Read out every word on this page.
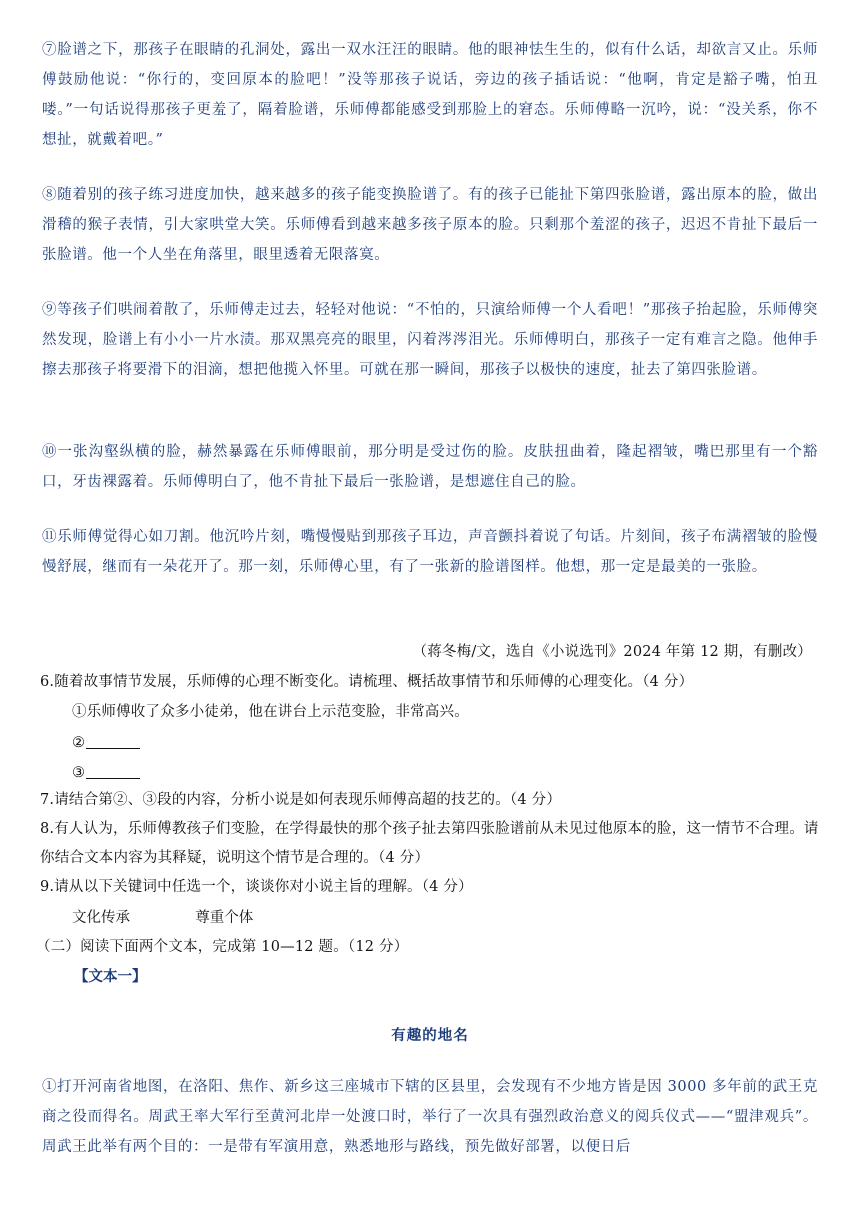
⑦脸谱之下，那孩子在眼睛的孔洞处，露出一双水汪汪的眼睛。他的眼神怯生生的，似有什么话，却欲言又止。乐师傅鼓励他说：“你行的，变回原本的脸吧！”没等那孩子说话，旁边的孩子插话说：“他啊，肯定是豁子嘴，怕丑喽。”一句话说得那孩子更羞了，隔着脸谱，乐师傅都能感受到那脸上的窘态。乐师傅略一沉吟，说：“没关系，你不想扯，就戴着吧。”

⑧随着别的孩子练习进度加快，越来越多的孩子能变换脸谱了。有的孩子已能扯下第四张脸谱，露出原本的脸，做出滑稽的猴子表情，引大家哄堂大笑。乐师傅看到越来越多孩子原本的脸。只剩那个羞涩的孩子，迟迟不肯扯下最后一张脸谱。他一个人坐在角落里，眼里透着无限落寞。

⑨等孩子们哄闹着散了，乐师傅走过去，轻轻对他说：“不怕的，只演给师傅一个人看吧！”那孩子抬起脸，乐师傅突然发现，脸谱上有小小一片水渍。那双黑亮亮的眼里，闪着涔涔泪光。乐师傅明白，那孩子一定有难言之隐。他伸手擦去那孩子将要滑下的泪滴，想把他揽入怀里。可就在那一瞬间，那孩子以极快的速度，扯去了第四张脸谱。

⑩一张沟壑纵横的脸，赫然暴露在乐师傅眼前，那分明是受过伤的脸。皮肤扭曲着，隆起褶皱，嘴巴那里有一个豁口，牙齿裸露着。乐师傅明白了，他不肯扯下最后一张脸谱，是想遮住自己的脸。

⑪乐师傅觉得心如刀割。他沉吟片刻，嘴慢慢贴到那孩子耳边，声音颤抖着说了句话。片刻间，孩子布满褶皱的脸慢慢舒展，继而有一朵花开了。那一刻，乐师傅心里，有了一张新的脸谱图样。他想，那一定是最美的一张脸。

（蒋冬梅/文，选自《小说选刊》2024 年第 12 期，有删改）

6.随着故事情节发展，乐师傅的心理不断变化。请梳理、概括故事情节和乐师傅的心理变化。（4 分）

①乐师傅收了众多小徒弟，他在讲台上示范变脸，非常高兴。

②
③

7.请结合第②、③段的内容，分析小说是如何表现乐师傅高超的技艺的。（4 分）

8.有人认为，乐师傅教孩子们变脸，在学得最快的那个孩子扯去第四张脸谱前从未见过他原本的脸，这一情节不合理。请你结合文本内容为其释疑，说明这个情节是合理的。（4 分）

9.请从以下关键词中任选一个，谈谈你对小说主旨的理解。（4 分）

文化传承	尊重个体

（二）阅读下面两个文本，完成第 10—12 题。（12 分）

【文本一】
有趣的地名

①打开河南省地图，在洛阳、焦作、新乡这三座城市下辖的区县里，会发现有不少地方皆是因 3000 多年前的武王克商之役而得名。周武王率大军行至黄河北岸一处渡口时，举行了一次具有强烈政治意义的阅兵仪式——“盟津观兵”。周武王此举有两个目的：一是带有军演用意，熟悉地形与路线，预先做好部署，以便日后
